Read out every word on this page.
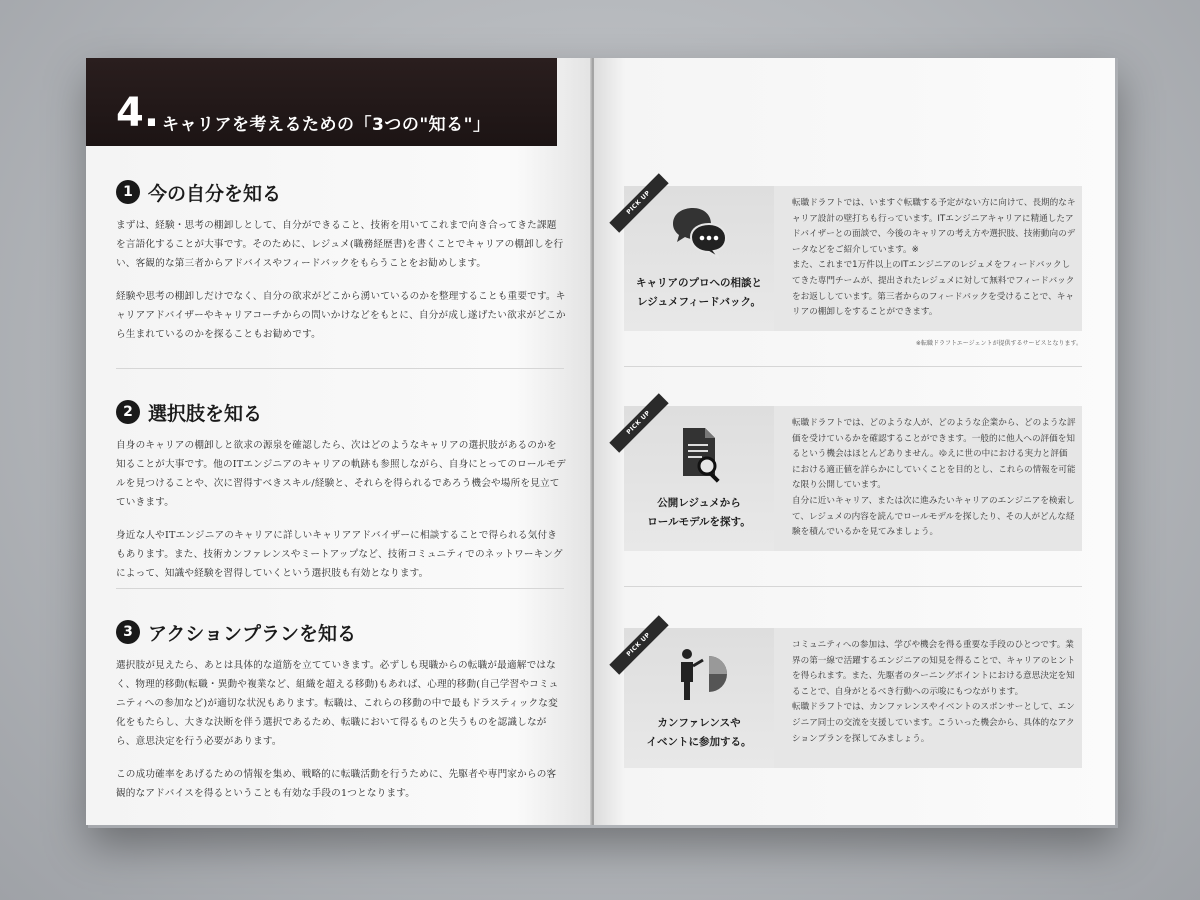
4. キャリアを考えるための「3つの"知る"」
1 今の自分を知る

まずは、経験・思考の棚卸しとして、自分ができること、技術を用いてこれまで向き合ってきた課題を言語化することが大事です。そのために、レジュメ(職務経歴書)を書くことでキャリアの棚卸しを行い、客観的な第三者からアドバイスやフィードバックをもらうことをお勧めします。

経験や思考の棚卸しだけでなく、自分の欲求がどこから湧いているのかを整理することも重要です。キャリアアドバイザーやキャリアコーチからの問いかけなどをもとに、自分が成し遂げたい欲求がどこから生まれているのかを探ることもお勧めです。

2 選択肢を知る

自身のキャリアの棚卸しと欲求の源泉を確認したら、次はどのようなキャリアの選択肢があるのかを知ることが大事です。他のITエンジニアのキャリアの軌跡も参照しながら、自身にとってのロールモデルを見つけることや、次に習得すべきスキル/経験と、それらを得られるであろう機会や場所を見立てていきます。

身近な人やITエンジニアのキャリアに詳しいキャリアアドバイザーに相談することで得られる気付きもあります。また、技術カンファレンスやミートアップなど、技術コミュニティでのネットワーキングによって、知識や経験を習得していくという選択肢も有効となります。

3 アクションプランを知る

選択肢が見えたら、あとは具体的な道筋を立てていきます。必ずしも現職からの転職が最適解ではなく、物理的移動(転職・異動や複業など、組織を超える移動)もあれば、心理的移動(自己学習やコミュニティへの参加など)が適切な状況もあります。転職は、これらの移動の中で最もドラスティックな変化をもたらし、大きな決断を伴う選択であるため、転職において得るものと失うものを認識しながら、意思決定を行う必要があります。

この成功確率をあげるための情報を集め、戦略的に転職活動を行うために、先駆者や専門家からの客観的なアドバイスを得るということも有効な手段の1つとなります。

PICK UP
キャリアのプロへの相談と
レジュメフィードバック。
転職ドラフトでは、いますぐ転職する予定がない方に向けて、長期的なキャリア設計の壁打ちも行っています。ITエンジニアキャリアに精通したアドバイザーとの面談で、今後のキャリアの考え方や選択肢、技術動向のデータなどをご紹介しています。※
また、これまで1万件以上のITエンジニアのレジュメをフィードバックしてきた専門チームが、提出されたレジュメに対して無料でフィードバックをお返ししています。第三者からのフィードバックを受けることで、キャリアの棚卸しをすることができます。
※転職ドラフトエージェントが提供するサービスとなります。
PICK UP
公開レジュメから
ロールモデルを探す。
転職ドラフトでは、どのような人が、どのような企業から、どのような評価を受けているかを確認することができます。一般的に他人への評価を知るという機会はほとんどありません。ゆえに世の中における実力と評価における適正値を詳らかにしていくことを目的とし、これらの情報を可能な限り公開しています。
自分に近いキャリア、または次に進みたいキャリアのエンジニアを検索して、レジュメの内容を読んでロールモデルを探したり、その人がどんな経験を積んでいるかを見てみましょう。
PICK UP
カンファレンスや
イベントに参加する。
コミュニティへの参加は、学びや機会を得る重要な手段のひとつです。業界の第一線で活躍するエンジニアの知見を得ることで、キャリアのヒントを得られます。また、先駆者のターニングポイントにおける意思決定を知ることで、自身がとるべき行動への示唆にもつながります。
転職ドラフトでは、カンファレンスやイベントのスポンサーとして、エンジニア同士の交流を支援しています。こういった機会から、具体的なアクションプランを探してみましょう。
